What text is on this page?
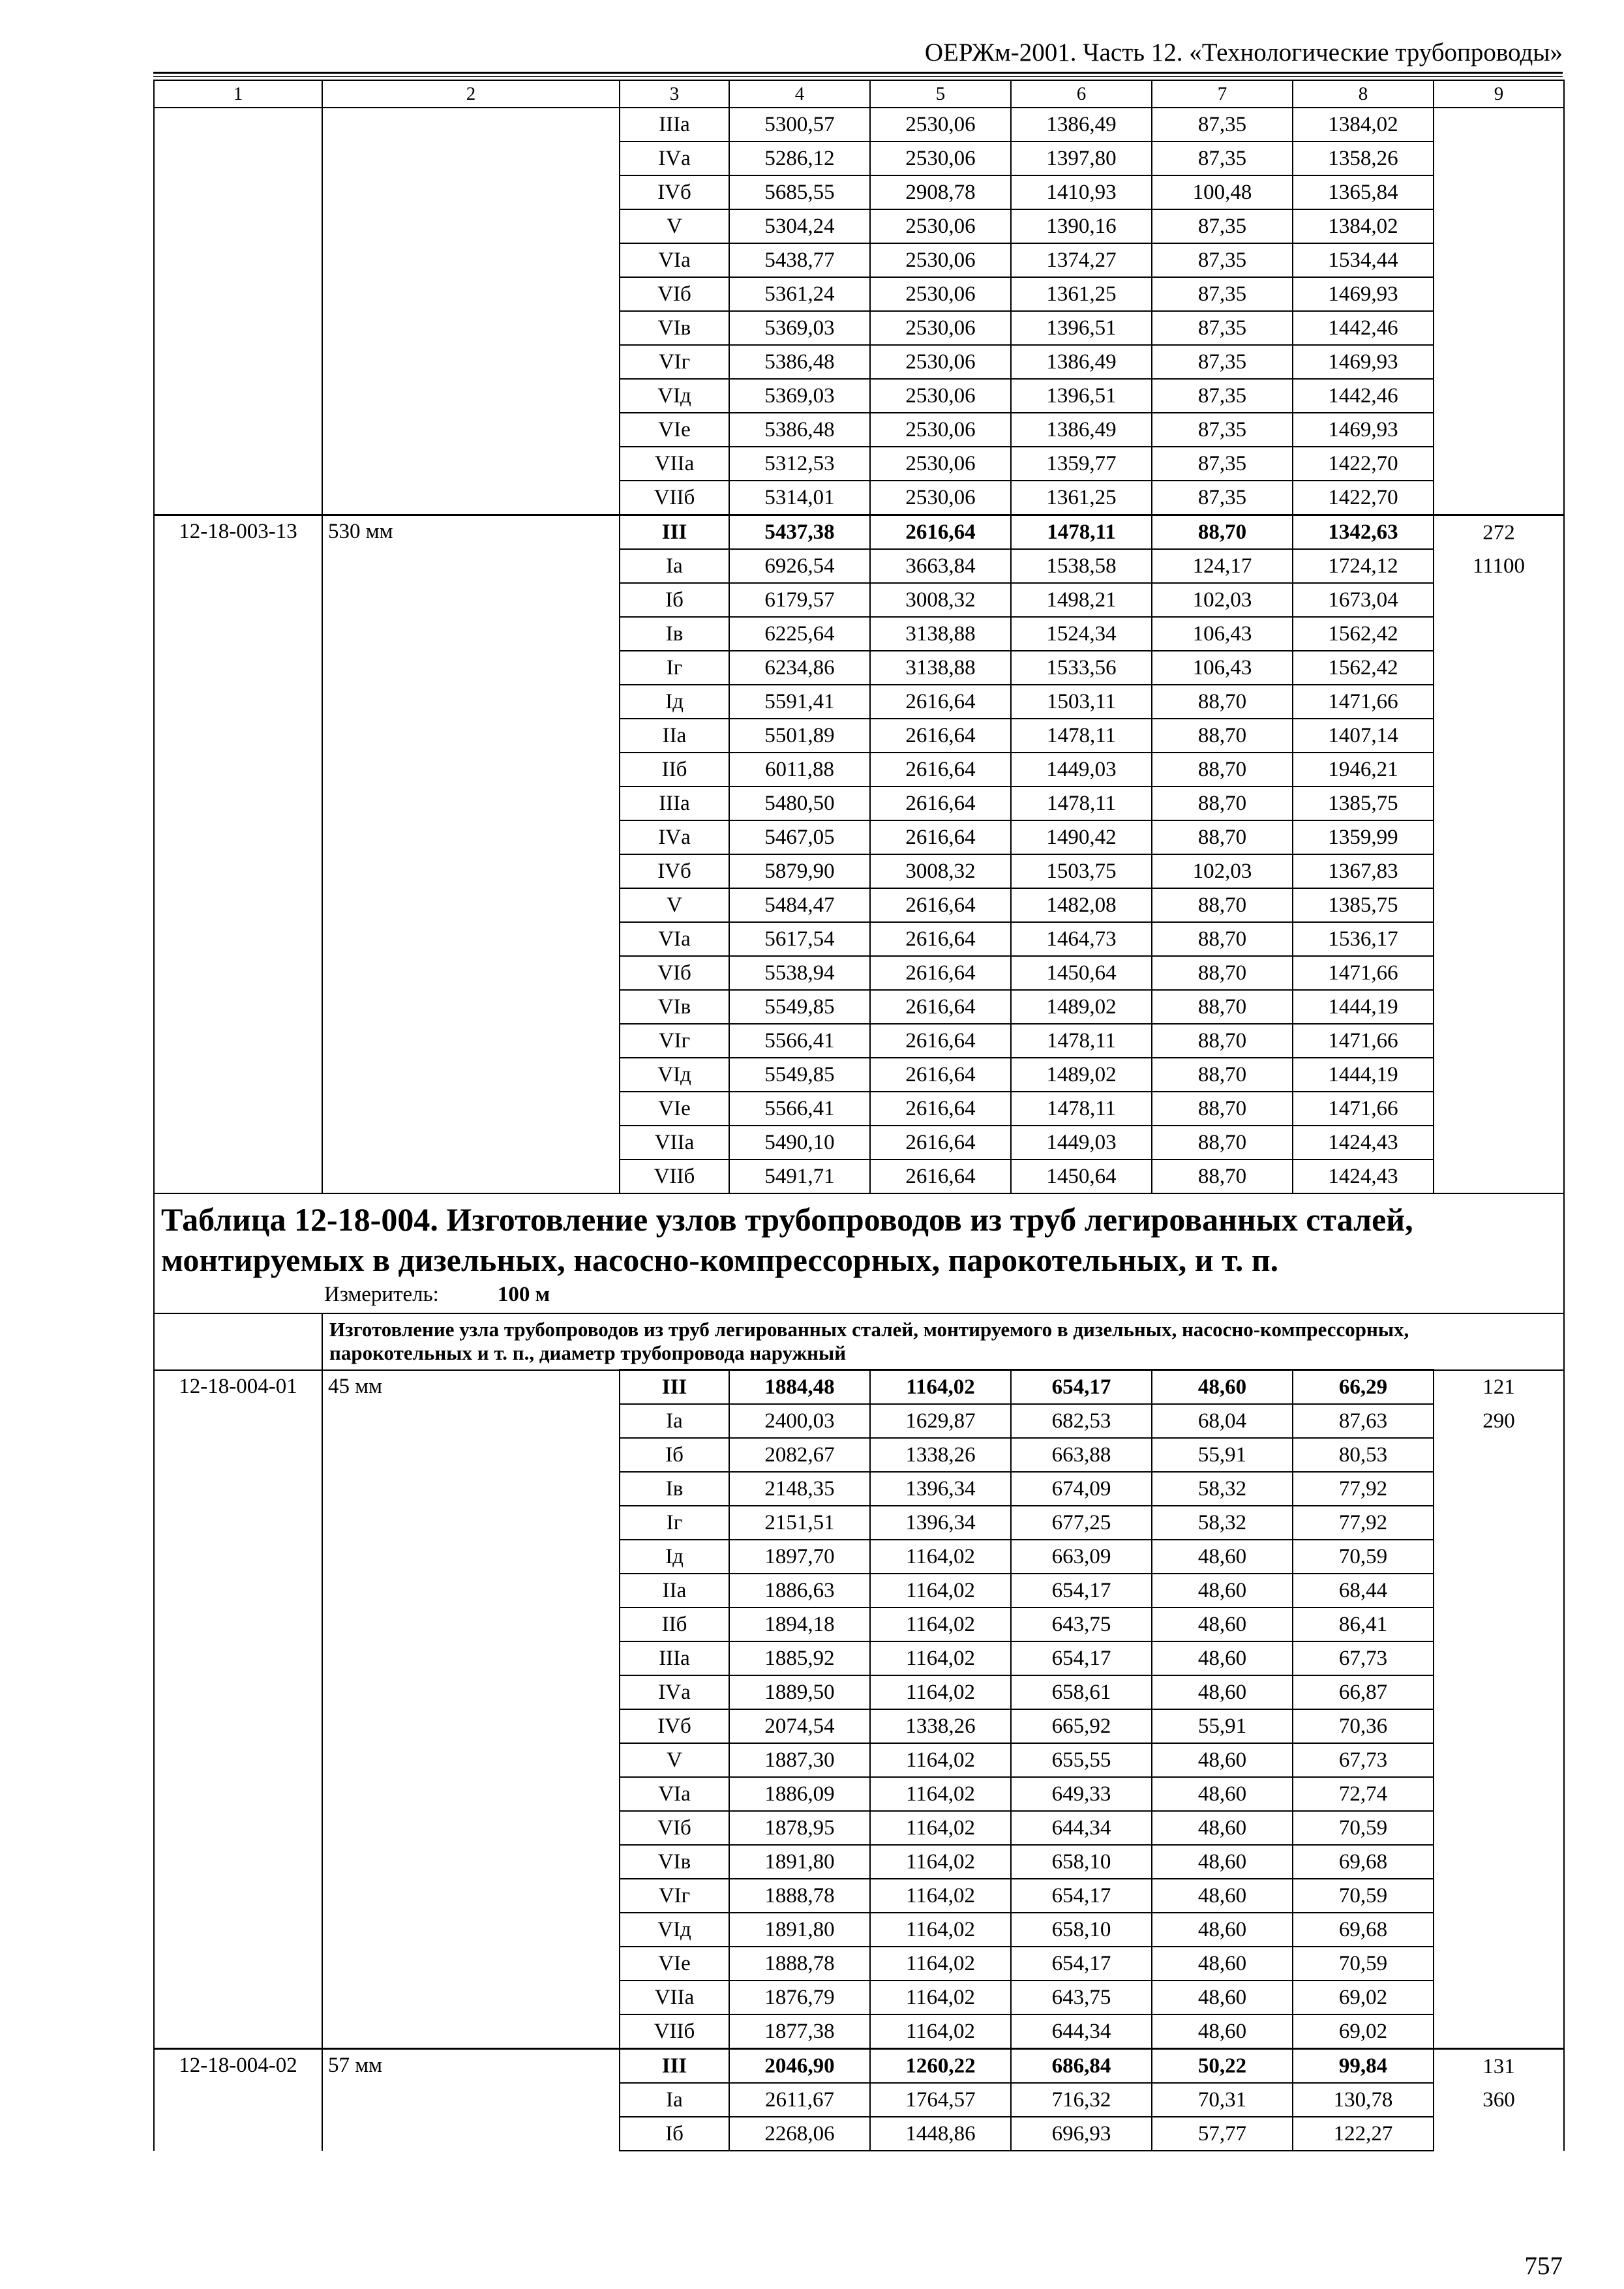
ОЕРЖм-2001. Часть 12. «Технологические трубопроводы»
1	2	3	4	5	6	7	8	9
		IIIа	5300,57	2530,06	1386,49	87,35	1384,02	
		IVа	5286,12	2530,06	1397,80	87,35	1358,26	
		IVб	5685,55	2908,78	1410,93	100,48	1365,84	
		V	5304,24	2530,06	1390,16	87,35	1384,02	
		VIа	5438,77	2530,06	1374,27	87,35	1534,44	
		VIб	5361,24	2530,06	1361,25	87,35	1469,93	
		VIв	5369,03	2530,06	1396,51	87,35	1442,46	
		VIг	5386,48	2530,06	1386,49	87,35	1469,93	
		VIд	5369,03	2530,06	1396,51	87,35	1442,46	
		VIе	5386,48	2530,06	1386,49	87,35	1469,93	
		VIIа	5312,53	2530,06	1359,77	87,35	1422,70	
		VIIб	5314,01	2530,06	1361,25	87,35	1422,70	
12-18-003-13	530 мм	III	5437,38	2616,64	1478,11	88,70	1342,63	272
		Iа	6926,54	3663,84	1538,58	124,17	1724,12	11100
		Iб	6179,57	3008,32	1498,21	102,03	1673,04	
		Iв	6225,64	3138,88	1524,34	106,43	1562,42	
		Iг	6234,86	3138,88	1533,56	106,43	1562,42	
		Iд	5591,41	2616,64	1503,11	88,70	1471,66	
		IIа	5501,89	2616,64	1478,11	88,70	1407,14	
		IIб	6011,88	2616,64	1449,03	88,70	1946,21	
		IIIа	5480,50	2616,64	1478,11	88,70	1385,75	
		IVа	5467,05	2616,64	1490,42	88,70	1359,99	
		IVб	5879,90	3008,32	1503,75	102,03	1367,83	
		V	5484,47	2616,64	1482,08	88,70	1385,75	
		VIа	5617,54	2616,64	1464,73	88,70	1536,17	
		VIб	5538,94	2616,64	1450,64	88,70	1471,66	
		VIв	5549,85	2616,64	1489,02	88,70	1444,19	
		VIг	5566,41	2616,64	1478,11	88,70	1471,66	
		VIд	5549,85	2616,64	1489,02	88,70	1444,19	
		VIе	5566,41	2616,64	1478,11	88,70	1471,66	
		VIIа	5490,10	2616,64	1449,03	88,70	1424,43	
		VIIб	5491,71	2616,64	1450,64	88,70	1424,43	

Таблица 12-18-004. Изготовление узлов трубопроводов из труб легированных сталей, монтируемых в дизельных, насосно-компрессорных, парокотельных, и т. п.
Измеритель: 100 м								

	Изготовление узла трубопроводов из труб легированных сталей, монтируемого в дизельных, насосно-компрессорных, парокотельных и т. п., диаметр трубопровода наружный							
12-18-004-01	45 мм	III	1884,48	1164,02	654,17	48,60	66,29	121
		Iа	2400,03	1629,87	682,53	68,04	87,63	290
		Iб	2082,67	1338,26	663,88	55,91	80,53	
		Iв	2148,35	1396,34	674,09	58,32	77,92	
		Iг	2151,51	1396,34	677,25	58,32	77,92	
		Iд	1897,70	1164,02	663,09	48,60	70,59	
		IIа	1886,63	1164,02	654,17	48,60	68,44	
		IIб	1894,18	1164,02	643,75	48,60	86,41	
		IIIа	1885,92	1164,02	654,17	48,60	67,73	
		IVа	1889,50	1164,02	658,61	48,60	66,87	
		IVб	2074,54	1338,26	665,92	55,91	70,36	
		V	1887,30	1164,02	655,55	48,60	67,73	
		VIа	1886,09	1164,02	649,33	48,60	72,74	
		VIб	1878,95	1164,02	644,34	48,60	70,59	
		VIв	1891,80	1164,02	658,10	48,60	69,68	
		VIг	1888,78	1164,02	654,17	48,60	70,59	
		VIд	1891,80	1164,02	658,10	48,60	69,68	
		VIе	1888,78	1164,02	654,17	48,60	70,59	
		VIIа	1876,79	1164,02	643,75	48,60	69,02	
		VIIб	1877,38	1164,02	644,34	48,60	69,02	
12-18-004-02	57 мм	III	2046,90	1260,22	686,84	50,22	99,84	131
		Iа	2611,67	1764,57	716,32	70,31	130,78	360
		Iб	2268,06	1448,86	696,93	57,77	122,27	
757
